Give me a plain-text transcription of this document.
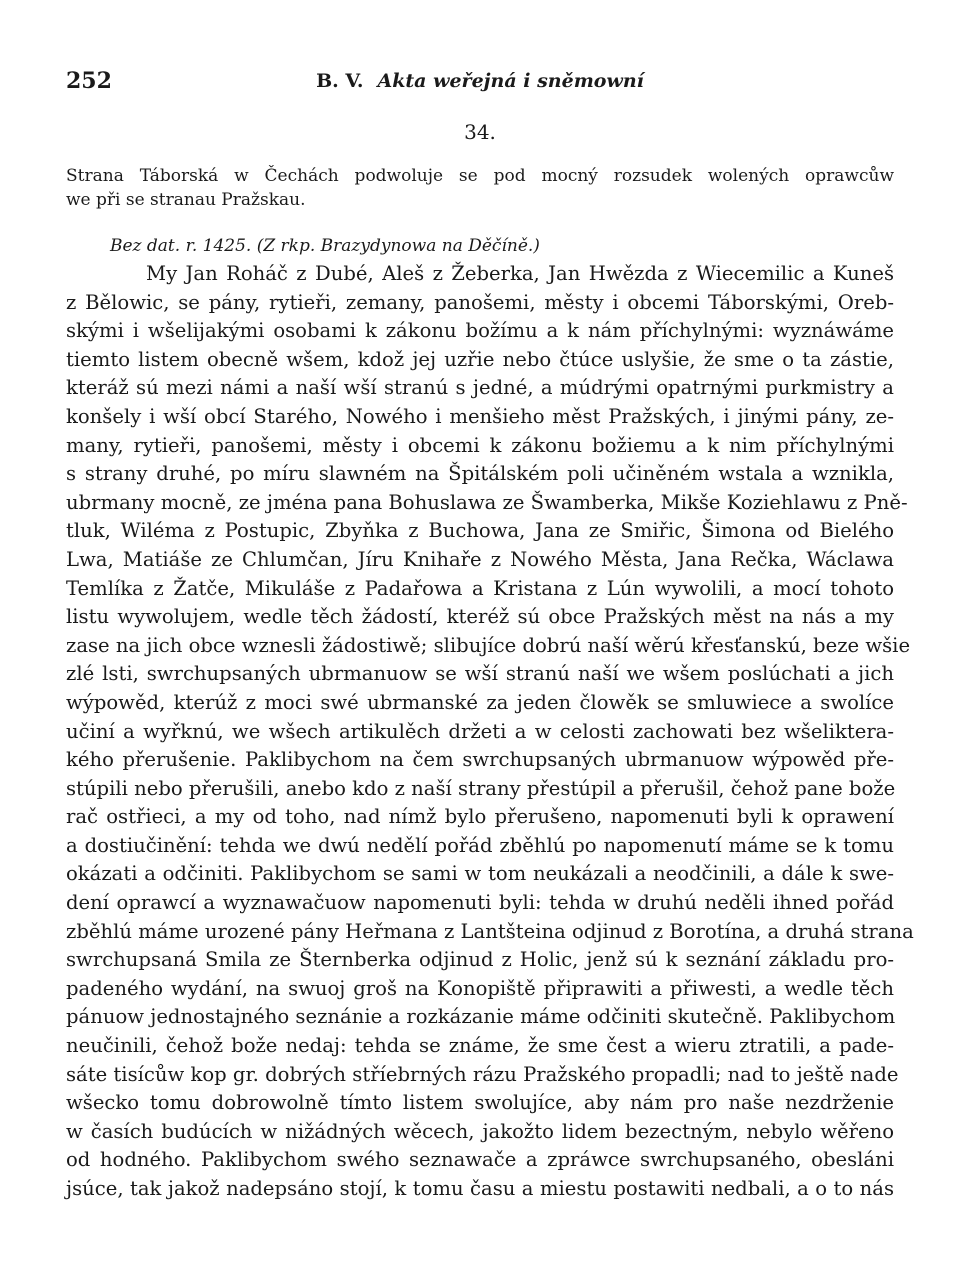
252	B. V. Akta weřejná i sněmowní
34.
Strana Táborská w Čechách podwoluje se pod mocný rozsudek wolených oprawcůw
we při se stranau Pražskau.
Bez dat. r. 1425. (Z rkp. Brazydynowa na Děčíně.)
My Jan Roháč z Dubé, Aleš z Žeberka, Jan Hwězda z Wiecemilic a Kuneš
z Bělowic, se pány, rytieři, zemany, panošemi, městy i obcemi Táborskými, Oreb-
skými i wšelijakými osobami k zákonu božímu a k nám příchylnými: wyznáwáme
tiemto listem obecně wšem, kdož jej uzřie nebo čtúce uslyšie, že sme o ta zástie,
kteráž sú mezi námi a naší wší stranú s jedné, a múdrými opatrnými purkmistry a
konšely i wší obcí Starého, Nowého i menšieho měst Pražských, i jinými pány, ze-
many, rytieři, panošemi, městy i obcemi k zákonu božiemu a k nim příchylnými
s strany druhé, po míru slawném na Špitálském poli učiněném wstala a wznikla,
ubrmany mocně, ze jména pana Bohuslawa ze Šwamberka, Mikše Koziehlawu z Pně-
tluk, Wiléma z Postupic, Zbyňka z Buchowa, Jana ze Smiřic, Šimona od Bielého
Lwa, Matiáše ze Chlumčan, Jíru Knihaře z Nowého Města, Jana Rečka, Wáclawa
Temlíka z Žatče, Mikuláše z Padařowa a Kristana z Lún wywolili, a mocí tohoto
listu wywolujem, wedle těch žádostí, kteréž sú obce Pražských měst na nás a my
zase na jich obce wznesli žádostiwě; slibujíce dobrú naší wěrú křesťanskú, beze wšie
zlé lsti, swrchupsaných ubrmanuow se wší stranú naší we wšem poslúchati a jich
wýpowěd, kterúž z moci swé ubrmanské za jeden člowěk se smluwiece a swolíce
učiní a wyřknú, we wšech artikulěch držeti a w celosti zachowati bez wšelikterа-
kého přerušenie. Paklibychom na čem swrchupsaných ubrmanuow wýpowěd pře-
stúpili nebo přerušili, anebo kdo z naší strany přestúpil a přerušil, čehož pane bože
rač ostřieci, a my od toho, nad nímž bylo přerušeno, napomenuti byli k oprawení
a dostiučinění: tehda we dwú nedělí pořád zběhlú po napomenutí máme se k tomu
okázati a odčiniti. Paklibychom se sami w tom neukázali a neodčinili, a dále k swe-
dení oprawcí a wyznawačuow napomenuti byli: tehda w druhú neděli ihned pořád
zběhlú máme urozené pány Heřmana z Lantšteina odjinud z Borotína, a druhá strana
swrchupsaná Smila ze Šternberka odjinud z Holic, jenž sú k seznání základu pro-
padeného wydání, na swuoj groš na Konopiště připrawiti a přiwesti, a wedle těch
pánuow jednostajného seznánie a rozkázanie máme odčiniti skutečně. Paklibychom
neučinili, čehož bože nedaj: tehda se známe, že sme čest a wieru ztratili, a pade-
sáte tisícůw kop gr. dobrých stříebrných rázu Pražského propadli; nad to ještě nade
wšecko tomu dobrowolně tímto listem swolujíce, aby nám pro naše nezdrženie
w časích budúcích w nižádných wěcech, jakožto lidem bezectným, nebylo wěřeno
od hodného. Paklibychom swého seznawače a zpráwce swrchupsaného, obesláni
jsúce, tak jakož nadepsáno stojí, k tomu času a miestu postawiti nedbali, a o to nás
